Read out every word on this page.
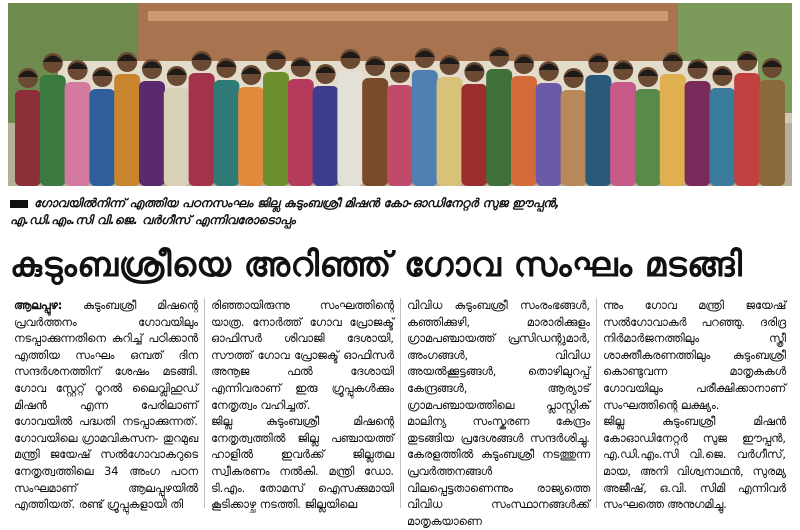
ഗോവയിൽനിന്ന് എത്തിയ പഠനസംഘം ജില്ല കുടുംബശ്രീ മിഷൻ കോ-ഓഡിനേറ്റർ സുജ ഈപ്പൻ,
എ.ഡി.എം.സി വി.ജെ. വർഗീസ് എന്നിവരോടൊപ്പം
കുടുംബശ്രീയെ അറിഞ്ഞ് ഗോവ സംഘം മടങ്ങി

ആലപ്പുഴ: കുടുംബശ്രീ മിഷന്റെ പ്രവർത്തനം ഗോവയിലും നടപ്പാക്കുന്നതിനെ കുറിച്ച് പഠിക്കാൻ എത്തിയ സംഘം ഒമ്പത് ദിന സന്ദർശനത്തിന് ശേഷം മടങ്ങി. ഗോവ സ്റ്റേറ്റ് റൂറൽ ലൈവ്ലിഹുഡ് മിഷൻ എന്ന പേരിലാണ് ഗോവയിൽ പദ്ധതി നടപ്പാക്കുന്നത്. ഗോവയിലെ ഗ്രാമവികസന- തുറമുഖ മന്ത്രി ജയേഷ് സൽഗോവാകറുടെ നേതൃത്വത്തിലെ 34 അംഗ പഠന സംഘമാണ് ആലപ്പുഴയിൽ എത്തിയത്. രണ്ട് ഗ്രൂപ്പുകളായി തി

രിഞ്ഞായിരുന്നു സംഘത്തിന്റെ യാത്ര. നോർത്ത് ഗോവ പ്രോജക്ട് ഓഫിസർ ശിവാജി ദേശായി, സൗത്ത് ഗോവ പ്രോജക്ട് ഓഫിസർ അനൂജ ഫൽ ദേശായി എന്നിവരാണ് ഇരു ഗ്രൂപ്പുകൾക്കും നേതൃത്വം വഹിച്ചത്.
ജില്ല കുടുംബശ്രീ മിഷന്റെ നേതൃത്വത്തിൽ ജില്ല പഞ്ചായത്ത് ഹാളിൽ ഇവർക്ക് ജില്ലതല സ്വീകരണം നൽകി. മന്ത്രി ഡോ. ടി.എം. തോമസ് ഐസക്കുമായി കൂടിക്കാഴ്ച നടത്തി. ജില്ലയിലെ

വിവിധ കുടുംബശ്രീ സംരംഭങ്ങൾ, കഞ്ഞിക്കുഴി, മാരാരിക്കുളം ഗ്രാമപഞ്ചായത്ത് പ്രസിഡന്റുമാർ, അംഗങ്ങൾ, വിവിധ അയൽക്കൂട്ടങ്ങൾ, തൊഴിലുറപ്പ് കേന്ദ്രങ്ങൾ, ആര്യാട് ഗ്രാമപഞ്ചായത്തിലെ പ്ലാസ്റ്റിക് മാലിന്യ സംസ്കരണ കേന്ദ്രം തുടങ്ങിയ പ്രദേശങ്ങൾ സന്ദർശിച്ചു. കേരളത്തിൽ കുടുംബശ്രീ നടത്തുന്ന പ്രവർത്തനങ്ങൾ വിലപ്പെട്ടതാണെന്നും രാജ്യത്തെ വിവിധ സംസ്ഥാനങ്ങൾക്ക് മാതൃകയാണെ

ന്നും ഗോവ മന്ത്രി ജയേഷ് സൽഗോവാകർ പറഞ്ഞു. ദരിദ്ര നിർമാർജനത്തിലും സ്ത്രീ ശാക്തീകരണത്തിലും കുടുംബശ്രീ കൊണ്ടുവന്ന മാതൃകകൾ ഗോവയിലും പരീക്ഷിക്കാനാണ് സംഘത്തിന്റെ ലക്ഷ്യം.
ജില്ല കുടുംബശ്രീ മിഷൻ കോഓഡിനേറ്റർ സുജ ഈപ്പൻ, എ.ഡി.എം.സി വി.ജെ. വർഗീസ്, മായ, അനി വിശ്വനാഥൻ, സുരമ്യ അജീഷ്, ഒ.വി. സിമി എന്നിവർ സംഘത്തെ അനുഗമിച്ചു.
